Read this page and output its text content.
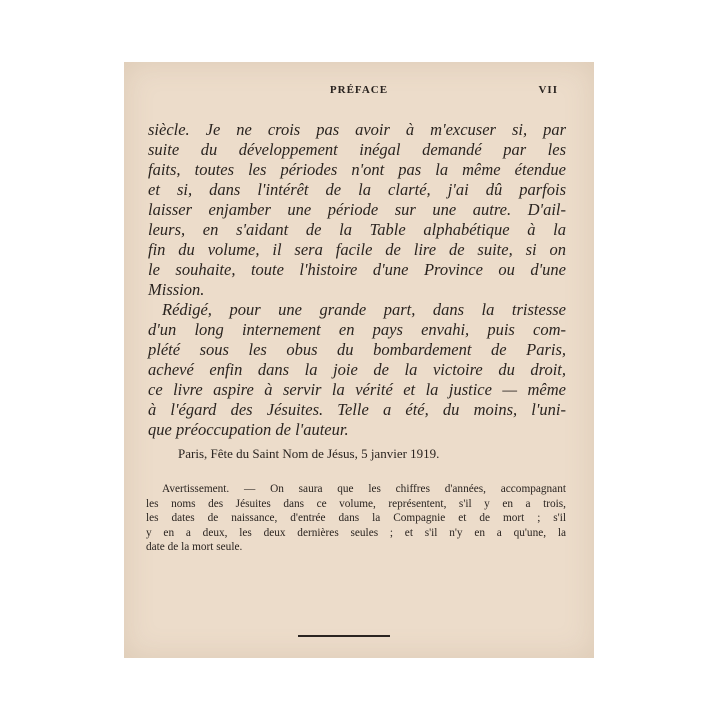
PRÉFACE	VII

siècle. Je ne crois pas avoir à m'excuser si, par
suite du développement inégal demandé par les
faits, toutes les périodes n'ont pas la même étendue
et si, dans l'intérêt de la clarté, j'ai dû parfois
laisser enjamber une période sur une autre. D'ail-
leurs, en s'aidant de la Table alphabétique à la
fin du volume, il sera facile de lire de suite, si on
le souhaite, toute l'histoire d'une Province ou d'une
Mission.

Rédigé, pour une grande part, dans la tristesse
d'un long internement en pays envahi, puis com-
plété sous les obus du bombardement de Paris,
achevé enfin dans la joie de la victoire du droit,
ce livre aspire à servir la vérité et la justice — même
à l'égard des Jésuites. Telle a été, du moins, l'uni-
que préoccupation de l'auteur.

Paris, Fête du Saint Nom de Jésus, 5 janvier 1919.
Avertissement. — On saura que les chiffres d'années, accompagnant
les noms des Jésuites dans ce volume, représentent, s'il y en a trois,
les dates de naissance, d'entrée dans la Compagnie et de mort ; s'il
y en a deux, les deux dernières seules ; et s'il n'y en a qu'une, la
date de la mort seule.
